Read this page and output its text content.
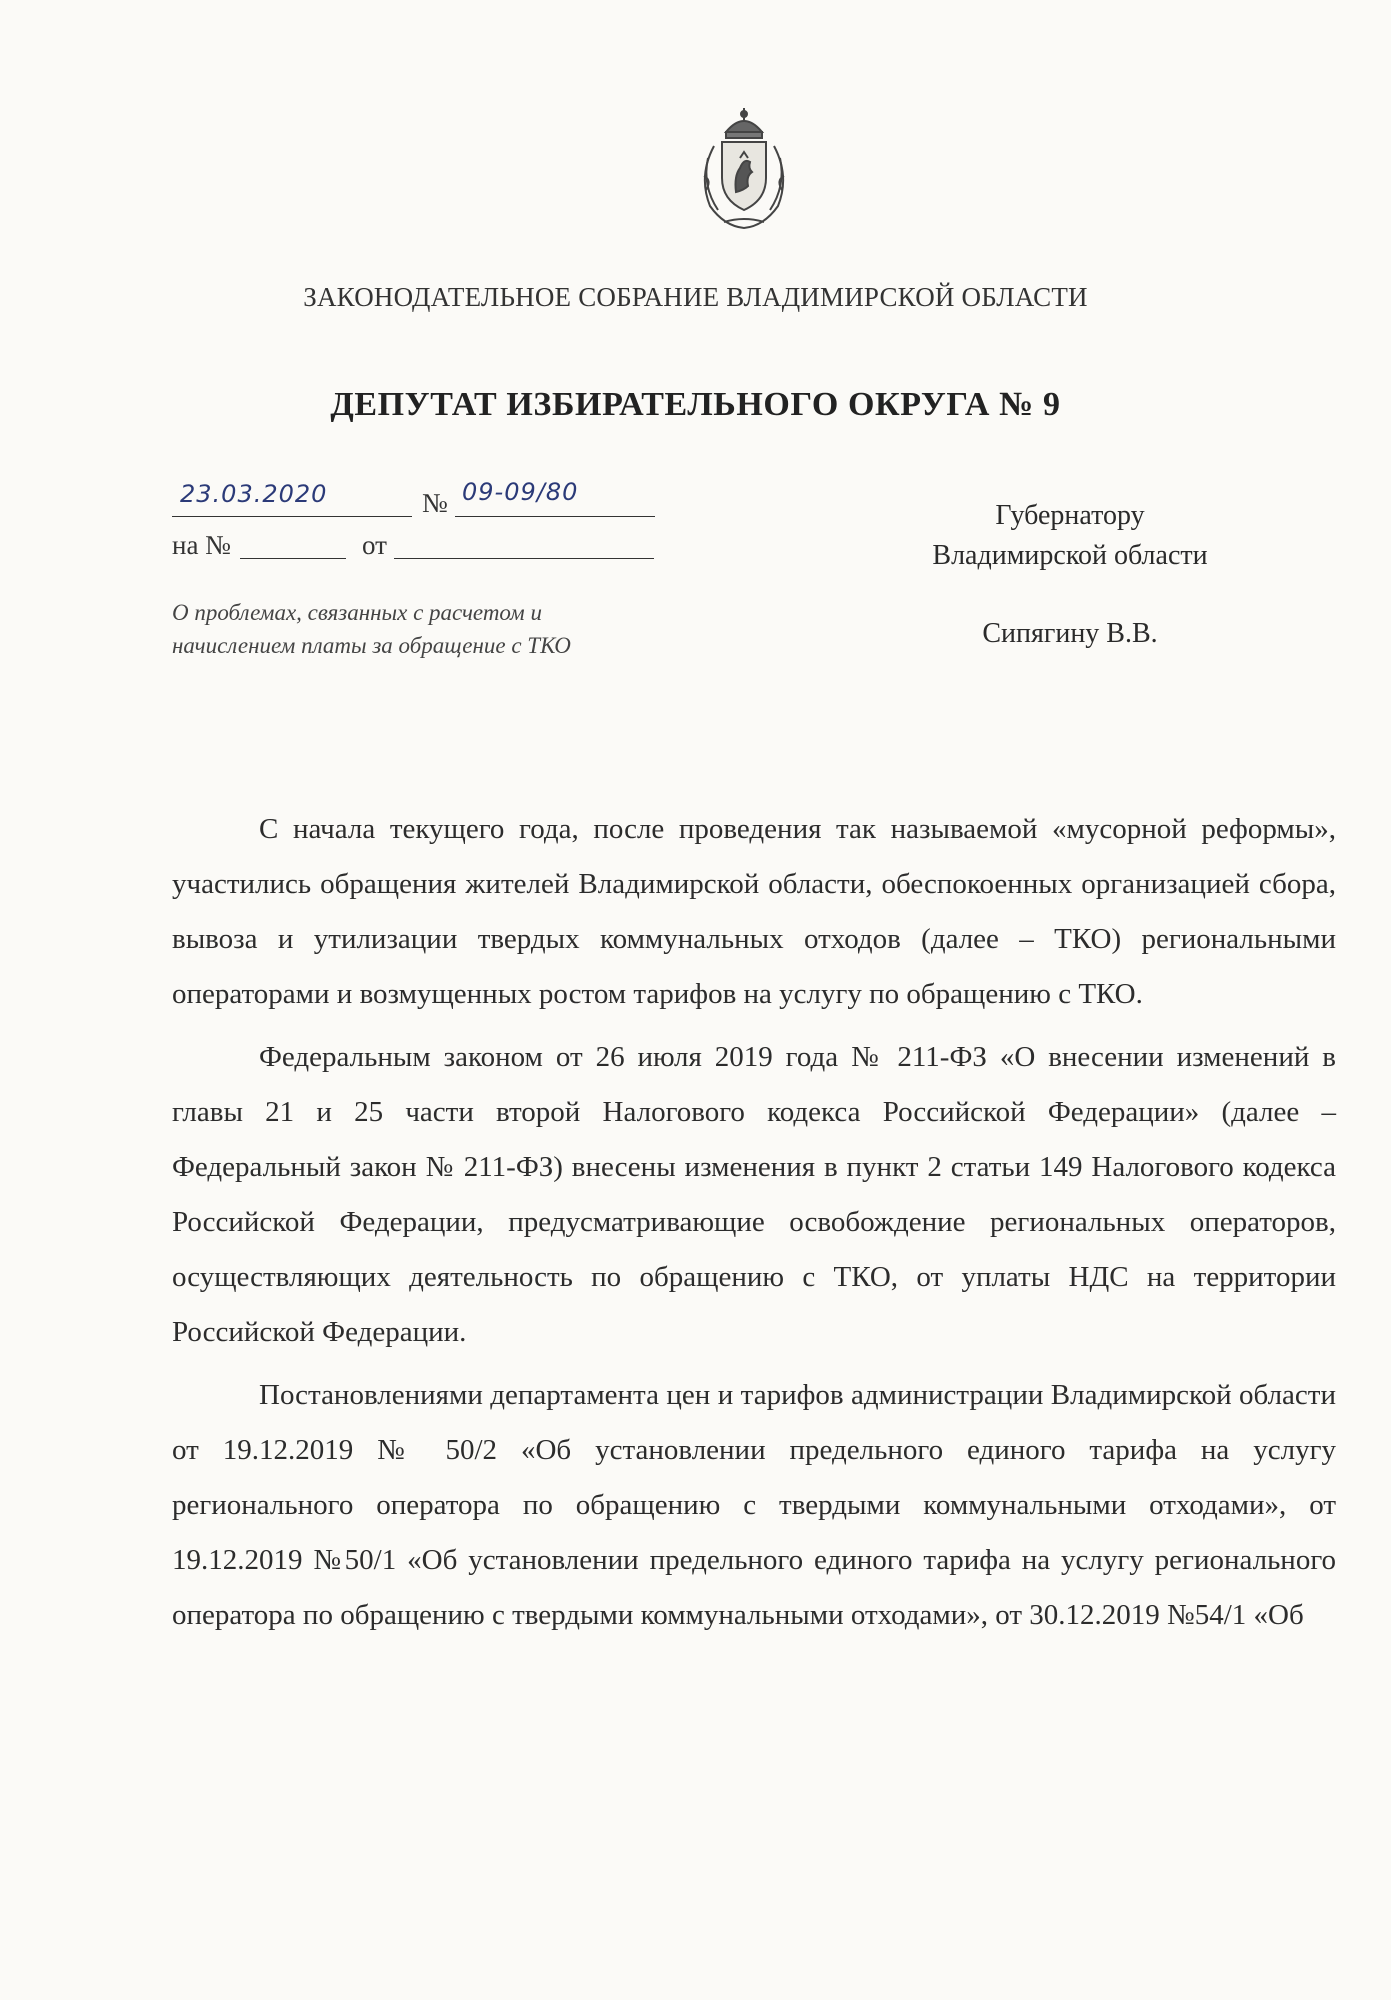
ЗАКОНОДАТЕЛЬНОЕ СОБРАНИЕ ВЛАДИМИРСКОЙ ОБЛАСТИ
ДЕПУТАТ ИЗБИРАТЕЛЬНОГО ОКРУГА № 9
23.03.2020	№ 09-09/80
на №	от
О проблемах, связанных с расчетом и начислением платы за обращение с ТКО
Губернатору
Владимирской области
Сипягину В.В.

С начала текущего года, после проведения так называемой «мусорной реформы», участились обращения жителей Владимирской области, обеспокоенных организацией сбора, вывоза и утилизации твердых коммунальных отходов (далее – ТКО) региональными операторами и возмущенных ростом тарифов на услугу по обращению с ТКО.

Федеральным законом от 26 июля 2019 года № 211-ФЗ «О внесении изменений в главы 21 и 25 части второй Налогового кодекса Российской Федерации» (далее – Федеральный закон № 211-ФЗ) внесены изменения в пункт 2 статьи 149 Налогового кодекса Российской Федерации, предусматривающие освобождение региональных операторов, осуществляющих деятельность по обращению с ТКО, от уплаты НДС на территории Российской Федерации.

Постановлениями департамента цен и тарифов администрации Владимирской области от 19.12.2019 № 50/2 «Об установлении предельного единого тарифа на услугу регионального оператора по обращению с твердыми коммунальными отходами», от 19.12.2019 №50/1 «Об установлении предельного единого тарифа на услугу регионального оператора по обращению с твердыми коммунальными отходами», от 30.12.2019 №54/1 «Об
